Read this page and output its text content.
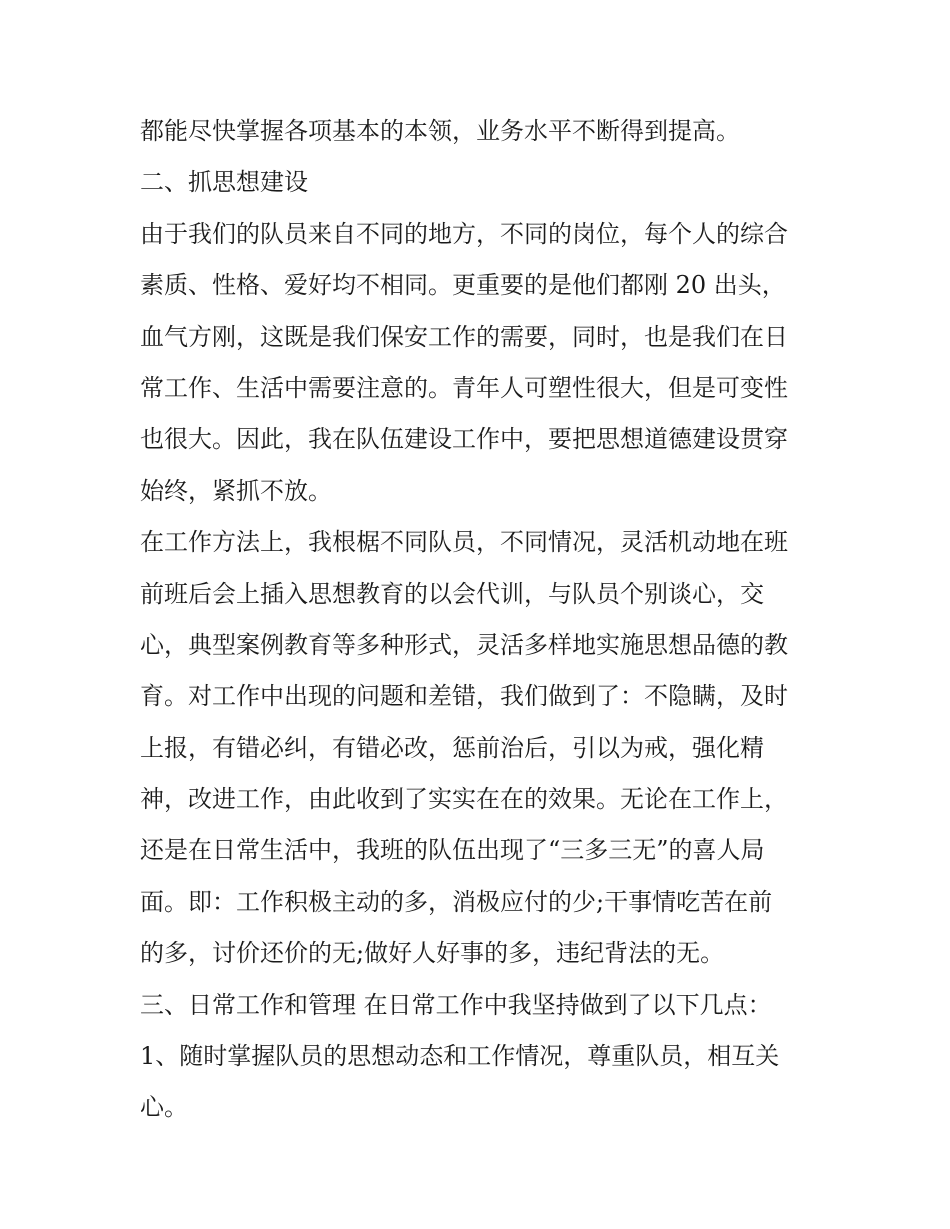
都能尽快掌握各项基本的本领，业务水平不断得到提高。
二、抓思想建设
由于我们的队员来自不同的地方，不同的岗位，每个人的综合
素质、性格、爱好均不相同。更重要的是他们都刚 20 出头，
血气方刚，这既是我们保安工作的需要，同时，也是我们在日
常工作、生活中需要注意的。青年人可塑性很大，但是可变性
也很大。因此，我在队伍建设工作中，要把思想道德建设贯穿
始终，紧抓不放。
在工作方法上，我根椐不同队员，不同情况，灵活机动地在班
前班后会上插入思想教育的以会代训，与队员个别谈心，交
心，典型案例教育等多种形式，灵活多样地实施思想品德的教
育。对工作中出现的问题和差错，我们做到了：不隐瞒，及时
上报，有错必纠，有错必改，惩前治后，引以为戒，强化精
神，改进工作，由此收到了实实在在的效果。无论在工作上，
还是在日常生活中，我班的队伍出现了“三多三无”的喜人局
面。即：工作积极主动的多，消极应付的少;干事情吃苦在前
的多，讨价还价的无;做好人好事的多，违纪背法的无。
三、日常工作和管理 在日常工作中我坚持做到了以下几点：
1、随时掌握队员的思想动态和工作情况，尊重队员，相互关
心。
